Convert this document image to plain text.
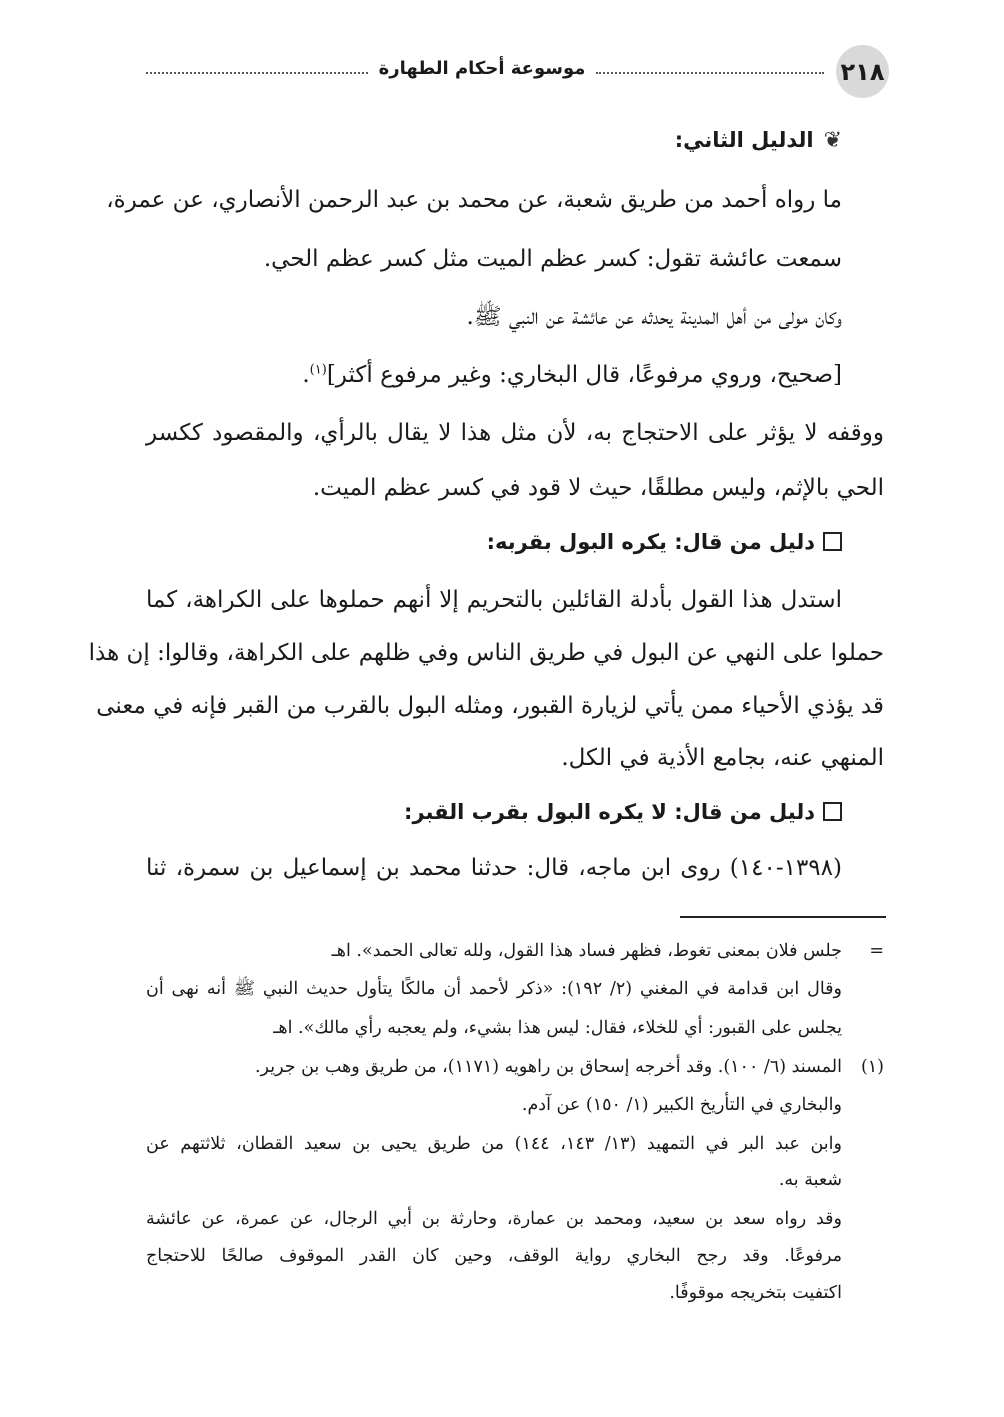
٢١٨
موسوعة أحكام الطهارة
❦الدليل الثاني:
ما رواه أحمد من طريق شعبة، عن محمد بن عبد الرحمن الأنصاري، عن عمرة،
سمعت عائشة تقول: كسر عظم الميت مثل كسر عظم الحي.
وكان مولى من أهل المدينة يحدثه عن عائشة عن النبي ﷺ.
[صحيح، وروي مرفوعًا، قال البخاري: وغير مرفوع أكثر]$^{(١)}$.
ووقفه لا يؤثر على الاحتجاج به، لأن مثل هذا لا يقال بالرأي، والمقصود ككسر
الحي بالإثم، وليس مطلقًا، حيث لا قود في كسر عظم الميت.
دليل من قال: يكره البول بقربه:
استدل هذا القول بأدلة القائلين بالتحريم إلا أنهم حملوها على الكراهة، كما
حملوا على النهي عن البول في طريق الناس وفي ظلهم على الكراهة، وقالوا: إن هذا
قد يؤذي الأحياء ممن يأتي لزيارة القبور، ومثله البول بالقرب من القبر فإنه في معنى
المنهي عنه، بجامع الأذية في الكل.
دليل من قال: لا يكره البول بقرب القبر:
(١٣٩٨-١٤٠) روى ابن ماجه، قال: حدثنا محمد بن إسماعيل بن سمرة، ثنا
=
جلس فلان بمعنى تغوط، فظهر فساد هذا القول، ولله تعالى الحمد». اهـ
وقال ابن قدامة في المغني (٢/ ١٩٢): «ذكر لأحمد أن مالكًا يتأول حديث النبي ﷺ أنه نهى أن
يجلس على القبور: أي للخلاء، فقال: ليس هذا بشيء، ولم يعجبه رأي مالك». اهـ
(١)
المسند (٦/ ١٠٠). وقد أخرجه إسحاق بن راهويه (١١٧١)، من طريق وهب بن جرير.
والبخاري في التأريخ الكبير (١/ ١٥٠) عن آدم.
وابن عبد البر في التمهيد (١٣/ ١٤٣، ١٤٤) من طريق يحيى بن سعيد القطان، ثلاثتهم عن
شعبة به.
وقد رواه سعد بن سعيد، ومحمد بن عمارة، وحارثة بن أبي الرجال، عن عمرة، عن عائشة
مرفوعًا. وقد رجح البخاري رواية الوقف، وحين كان القدر الموقوف صالحًا للاحتجاج
اكتفيت بتخريجه موقوفًا.
